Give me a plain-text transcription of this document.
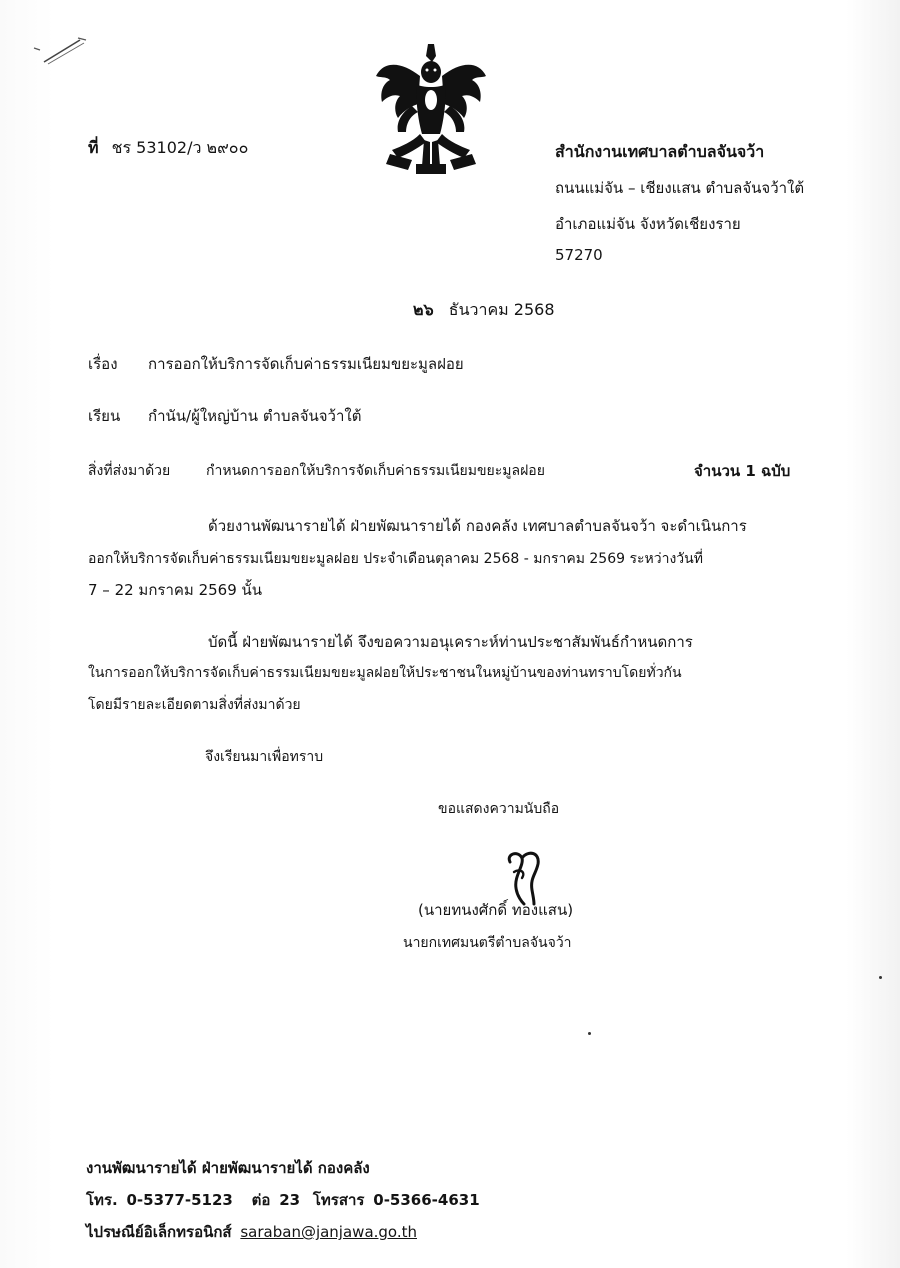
ที่ ชร 53102/ว ๒๙๐๐	สำนักงานเทศบาลตำบลจันจว้า
ถนนแม่จัน – เชียงแสน ตำบลจันจว้าใต้
อำเภอแม่จัน จังหวัดเชียงราย
57270
๒๖ ธันวาคม 2568
เรื่อง การออกให้บริการจัดเก็บค่าธรรมเนียมขยะมูลฝอย
เรียน กำนัน/ผู้ใหญ่บ้าน ตำบลจันจว้าใต้
สิ่งที่ส่งมาด้วย	กำหนดการออกให้บริการจัดเก็บค่าธรรมเนียมขยะมูลฝอย	จำนวน 1 ฉบับ
ด้วยงานพัฒนารายได้ ฝ่ายพัฒนารายได้ กองคลัง เทศบาลตำบลจันจว้า จะดำเนินการ
ออกให้บริการจัดเก็บค่าธรรมเนียมขยะมูลฝอย ประจำเดือนตุลาคม 2568 - มกราคม 2569 ระหว่างวันที่
7 – 22 มกราคม 2569 นั้น
บัดนี้ ฝ่ายพัฒนารายได้ จึงขอความอนุเคราะห์ท่านประชาสัมพันธ์กำหนดการ
ในการออกให้บริการจัดเก็บค่าธรรมเนียมขยะมูลฝอยให้ประชาชนในหมู่บ้านของท่านทราบโดยทั่วกัน
โดยมีรายละเอียดตามสิ่งที่ส่งมาด้วย
จึงเรียนมาเพื่อทราบ
ขอแสดงความนับถือ
(นายทนงศักดิ์ ทองแสน)
นายกเทศมนตรีตำบลจันจว้า
งานพัฒนารายได้ ฝ่ายพัฒนารายได้ กองคลัง
โทร. 0-5377-5123 ต่อ 23 โทรสาร 0-5366-4631
ไปรษณีย์อิเล็กทรอนิกส์ saraban@janjawa.go.th
